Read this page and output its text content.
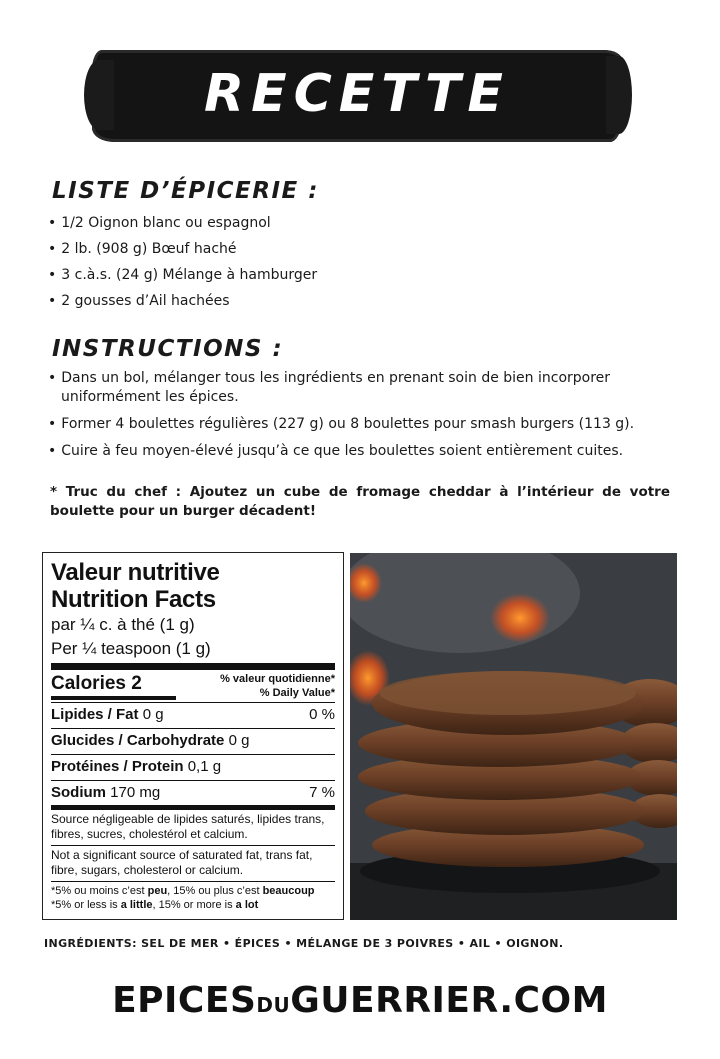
RECETTE
LISTE D’ÉPICERIE :
• 1/2 Oignon blanc ou espagnol
• 2 lb. (908 g) Bœuf haché
• 3 c.à.s. (24 g) Mélange à hamburger
• 2 gousses d’Ail hachées
INSTRUCTIONS :
• Dans un bol, mélanger tous les ingrédients en prenant soin de bien incorporer uniformément les épices.
• Former 4 boulettes régulières (227 g) ou 8 boulettes pour smash burgers (113 g).
• Cuire à feu moyen-élevé jusqu’à ce que les boulettes soient entièrement cuites.

* Truc du chef : Ajoutez un cube de fromage cheddar à l’intérieur de votre boulette pour un burger décadent!

Valeur nutritive

Nutrition Facts

par ¼ c. à thé (1 g)

Per ¼ teaspoon (1 g)

Calories 2	% valeur quotidienne*
% Daily Value*
Lipides / Fat 0 g	0 %
Glucides / Carbohydrate 0 g
Protéines / Protein 0,1 g
Sodium 170 mg	7 %
Source négligeable de lipides saturés, lipides trans, fibres, sucres, cholestérol et calcium.
Not a significant source of saturated fat, trans fat, fibre, sugars, cholesterol or calcium.
*5% ou moins c’est peu, 15% ou plus c’est beaucoup
*5% or less is a little, 15% or more is a lot

INGRÉDIENTS: SEL DE MER • ÉPICES • MÉLANGE DE 3 POIVRES • AIL • OIGNON.

EPICESDUGUERRIER.COM
